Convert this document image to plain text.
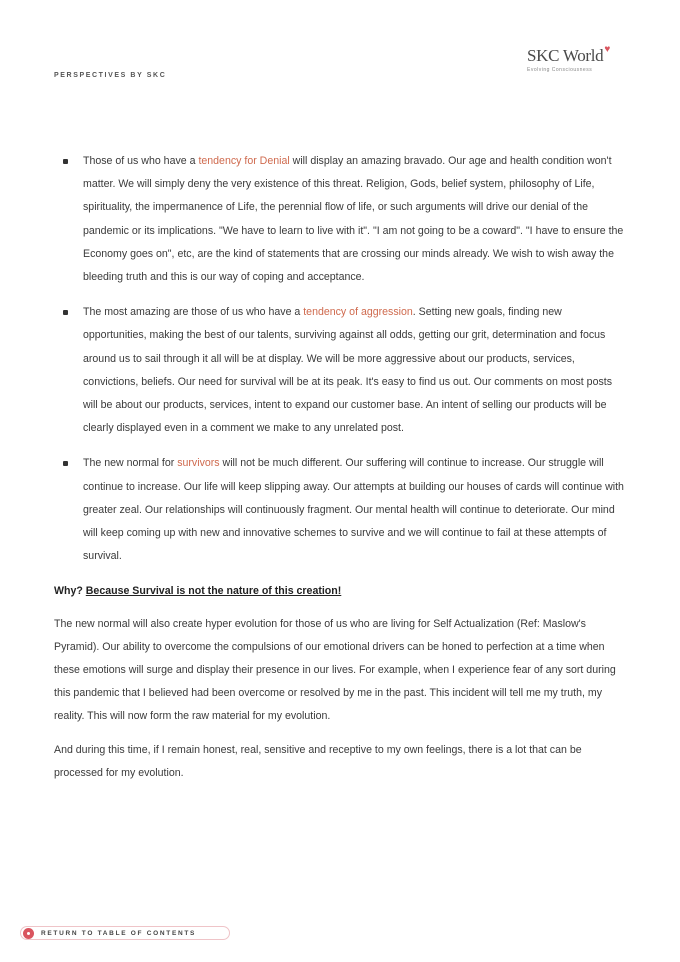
PERSPECTIVES BY SKC
SKC World♥
Evolving Consciousness
Those of us who have a tendency for Denial will display an amazing bravado. Our age and health condition won't matter. We will simply deny the very existence of this threat. Religion, Gods, belief system, philosophy of Life, spirituality, the impermanence of Life, the perennial flow of life, or such arguments will drive our denial of the pandemic or its implications. "We have to learn to live with it". "I am not going to be a coward". "I have to ensure the Economy goes on", etc, are the kind of statements that are crossing our minds already. We wish to wish away the bleeding truth and this is our way of coping and acceptance.
The most amazing are those of us who have a tendency of aggression. Setting new goals, finding new opportunities, making the best of our talents, surviving against all odds, getting our grit, determination and focus around us to sail through it all will be at display. We will be more aggressive about our products, services, convictions, beliefs. Our need for survival will be at its peak. It's easy to find us out. Our comments on most posts will be about our products, services, intent to expand our customer base. An intent of selling our products will be clearly displayed even in a comment we make to any unrelated post.
The new normal for survivors will not be much different. Our suffering will continue to increase. Our struggle will continue to increase. Our life will keep slipping away. Our attempts at building our houses of cards will continue with greater zeal. Our relationships will continuously fragment. Our mental health will continue to deteriorate. Our mind will keep coming up with new and innovative schemes to survive and we will continue to fail at these attempts of survival.
Why? Because Survival is not the nature of this creation!

The new normal will also create hyper evolution for those of us who are living for Self Actualization (Ref: Maslow's Pyramid). Our ability to overcome the compulsions of our emotional drivers can be honed to perfection at a time when these emotions will surge and display their presence in our lives. For example, when I experience fear of any sort during this pandemic that I believed had been overcome or resolved by me in the past. This incident will tell me my truth, my reality. This will now form the raw material for my evolution.

And during this time, if I remain honest, real, sensitive and receptive to my own feelings, there is a lot that can be processed for my evolution.

RETURN TO TABLE OF CONTENTS
